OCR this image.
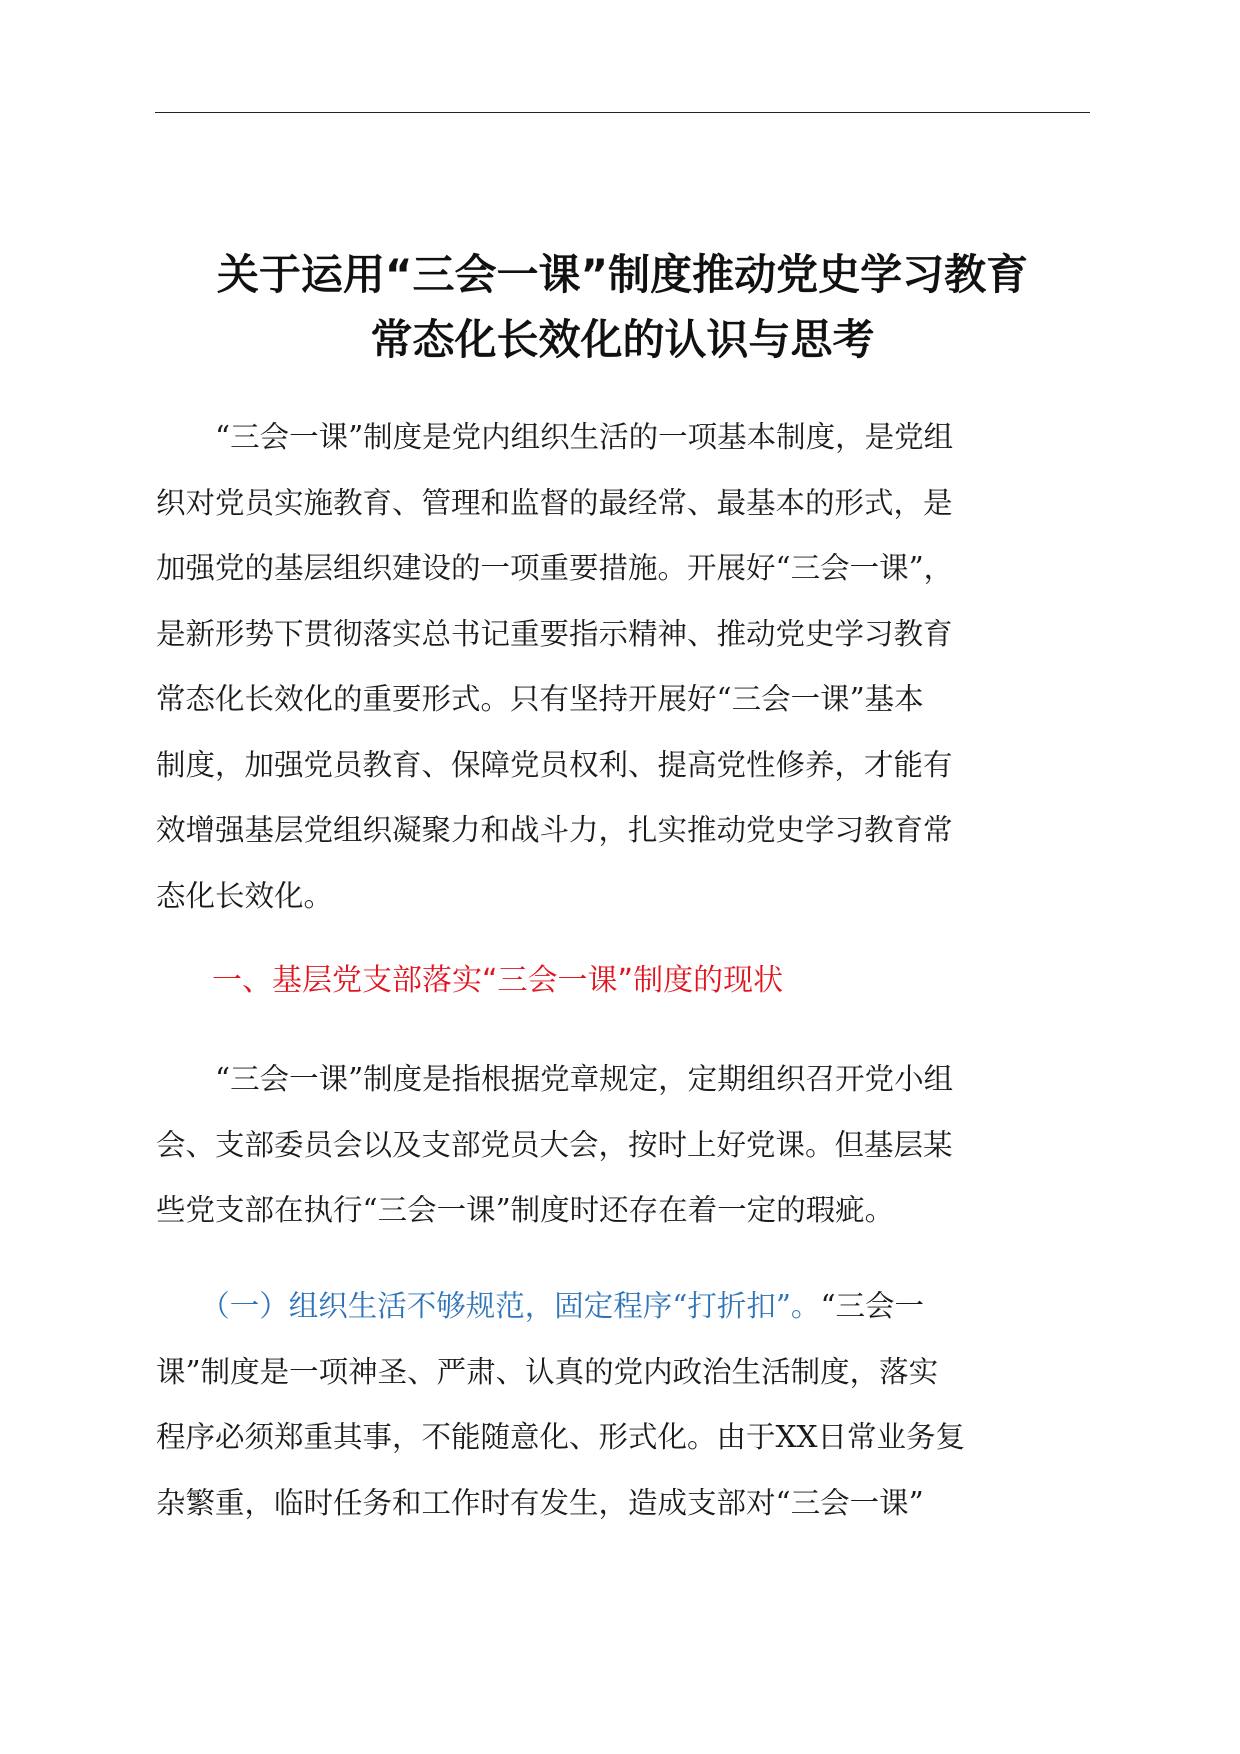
关于运用“三会一课”制度推动党史学习教育
常态化长效化的认识与思考
　　“三会一课”制度是党内组织生活的一项基本制度，是党组
织对党员实施教育、管理和监督的最经常、最基本的形式，是
加强党的基层组织建设的一项重要措施。开展好“三会一课”，
是新形势下贯彻落实总书记重要指示精神、推动党史学习教育
常态化长效化的重要形式。只有坚持开展好“三会一课”基本
制度，加强党员教育、保障党员权利、提高党性修养，才能有
效增强基层党组织凝聚力和战斗力，扎实推动党史学习教育常
态化长效化。
一、基层党支部落实“三会一课”制度的现状
　　“三会一课”制度是指根据党章规定，定期组织召开党小组
会、支部委员会以及支部党员大会，按时上好党课。但基层某
些党支部在执行“三会一课”制度时还存在着一定的瑕疵。
　　（一）组织生活不够规范，固定程序“打折扣”。“三会一
课”制度是一项神圣、严肃、认真的党内政治生活制度，落实
程序必须郑重其事，不能随意化、形式化。由于XX日常业务复
杂繁重，临时任务和工作时有发生，造成支部对“三会一课”
